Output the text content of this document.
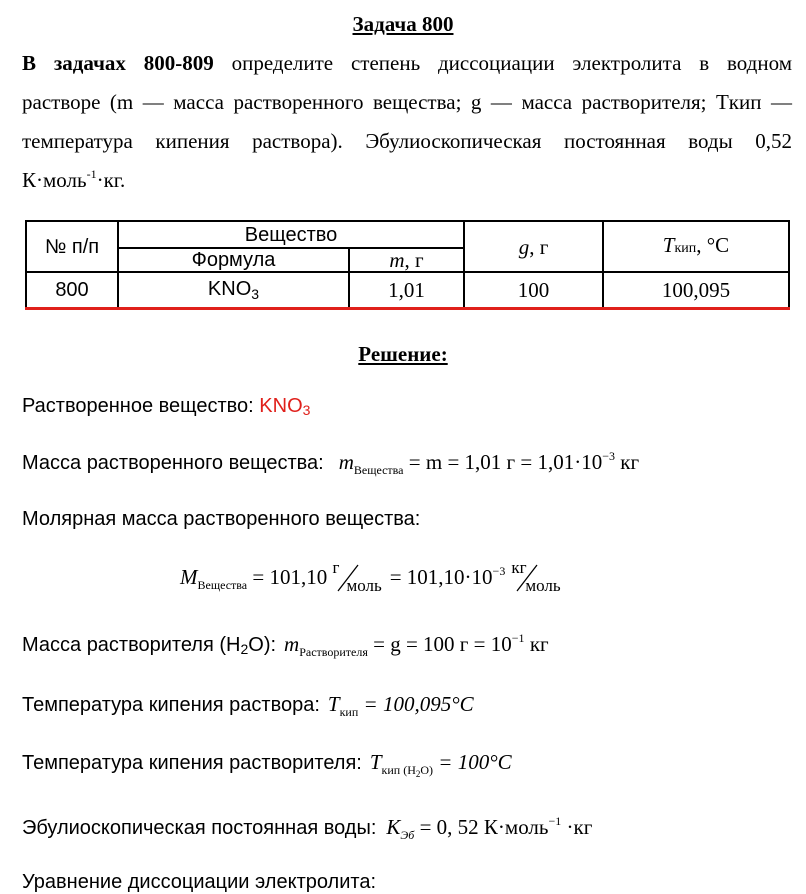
Задача 800
В задачах 800-809 определите степень диссоциации электролита в водном
растворе (m — масса растворенного вещества; g — масса растворителя; Tкип —
температура кипения раствора). Эбулиоскопическая постоянная воды 0,52
К·моль$^{-1}$·кг.
№ п/п	Вещество		g, г	Tкип, °С
	Формула	m, г		
800	$KNO_3$	1,01	100	100,095
Решение:
Растворенное вещество: KNO3
Масса растворенного вещества: $m_{Вещества} = m = 1,01$ $г = 1,01\cdot 10^{-3}$ кг
Молярная масса растворенного вещества:
$M_{Вещества} = 101,10$ г
моль = $101,10\cdot 10^{-3}$ кг
моль
Масса растворителя (H2O): $m_{Растворителя} = g = 100$ $г = 10^{-1}$ кг
Температура кипения раствора: $T_{кип} = 100,095^\circ C$
Температура кипения растворителя: $T_{кип (H2O)} = 100^\circ C$
Эбулиоскопическая постоянная воды: $K_{Эб} = 0$, 52 К·моль$^{-1}$ ·кг
Уравнение диссоциации электролита:
